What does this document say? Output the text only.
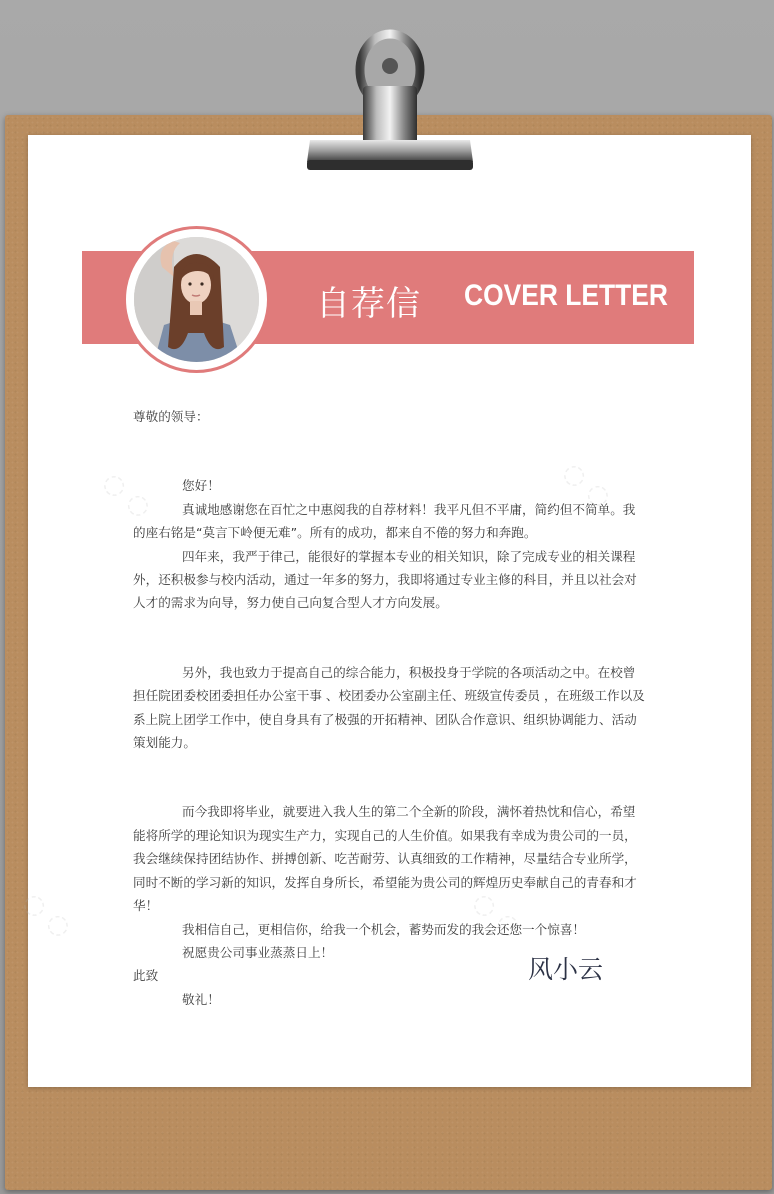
◌ ◌	◌ ◌
◌ ◌	◌ ◌
自荐信 COVER LETTER

尊敬的领导：

您好！

真诚地感谢您在百忙之中惠阅我的自荐材料！我平凡但不平庸，简约但不简单。我的座右铭是“莫言下岭便无难”。所有的成功，都来自不倦的努力和奔跑。

四年来，我严于律己，能很好的掌握本专业的相关知识，除了完成专业的相关课程外，还积极参与校内活动，通过一年多的努力，我即将通过专业主修的科目，并且以社会对人才的需求为向导，努力使自己向复合型人才方向发展。

另外，我也致力于提高自己的综合能力，积极投身于学院的各项活动之中。在校曾担任院团委校团委担任办公室干事 、校团委办公室副主任、班级宣传委员 ，在班级工作以及系上院上团学工作中，使自身具有了极强的开拓精神、团队合作意识、组织协调能力、活动策划能力。

而今我即将毕业，就要进入我人生的第二个全新的阶段，满怀着热忱和信心，希望能将所学的理论知识为现实生产力，实现自己的人生价值。如果我有幸成为贵公司的一员，我会继续保持团结协作、拼搏创新、吃苦耐劳、认真细致的工作精神，尽量结合专业所学，同时不断的学习新的知识，发挥自身所长，希望能为贵公司的辉煌历史奉献自己的青春和才华！

我相信自己，更相信你，给我一个机会，蓄势而发的我会还您一个惊喜！

祝愿贵公司事业蒸蒸日上！

此致

敬礼！

风小云
